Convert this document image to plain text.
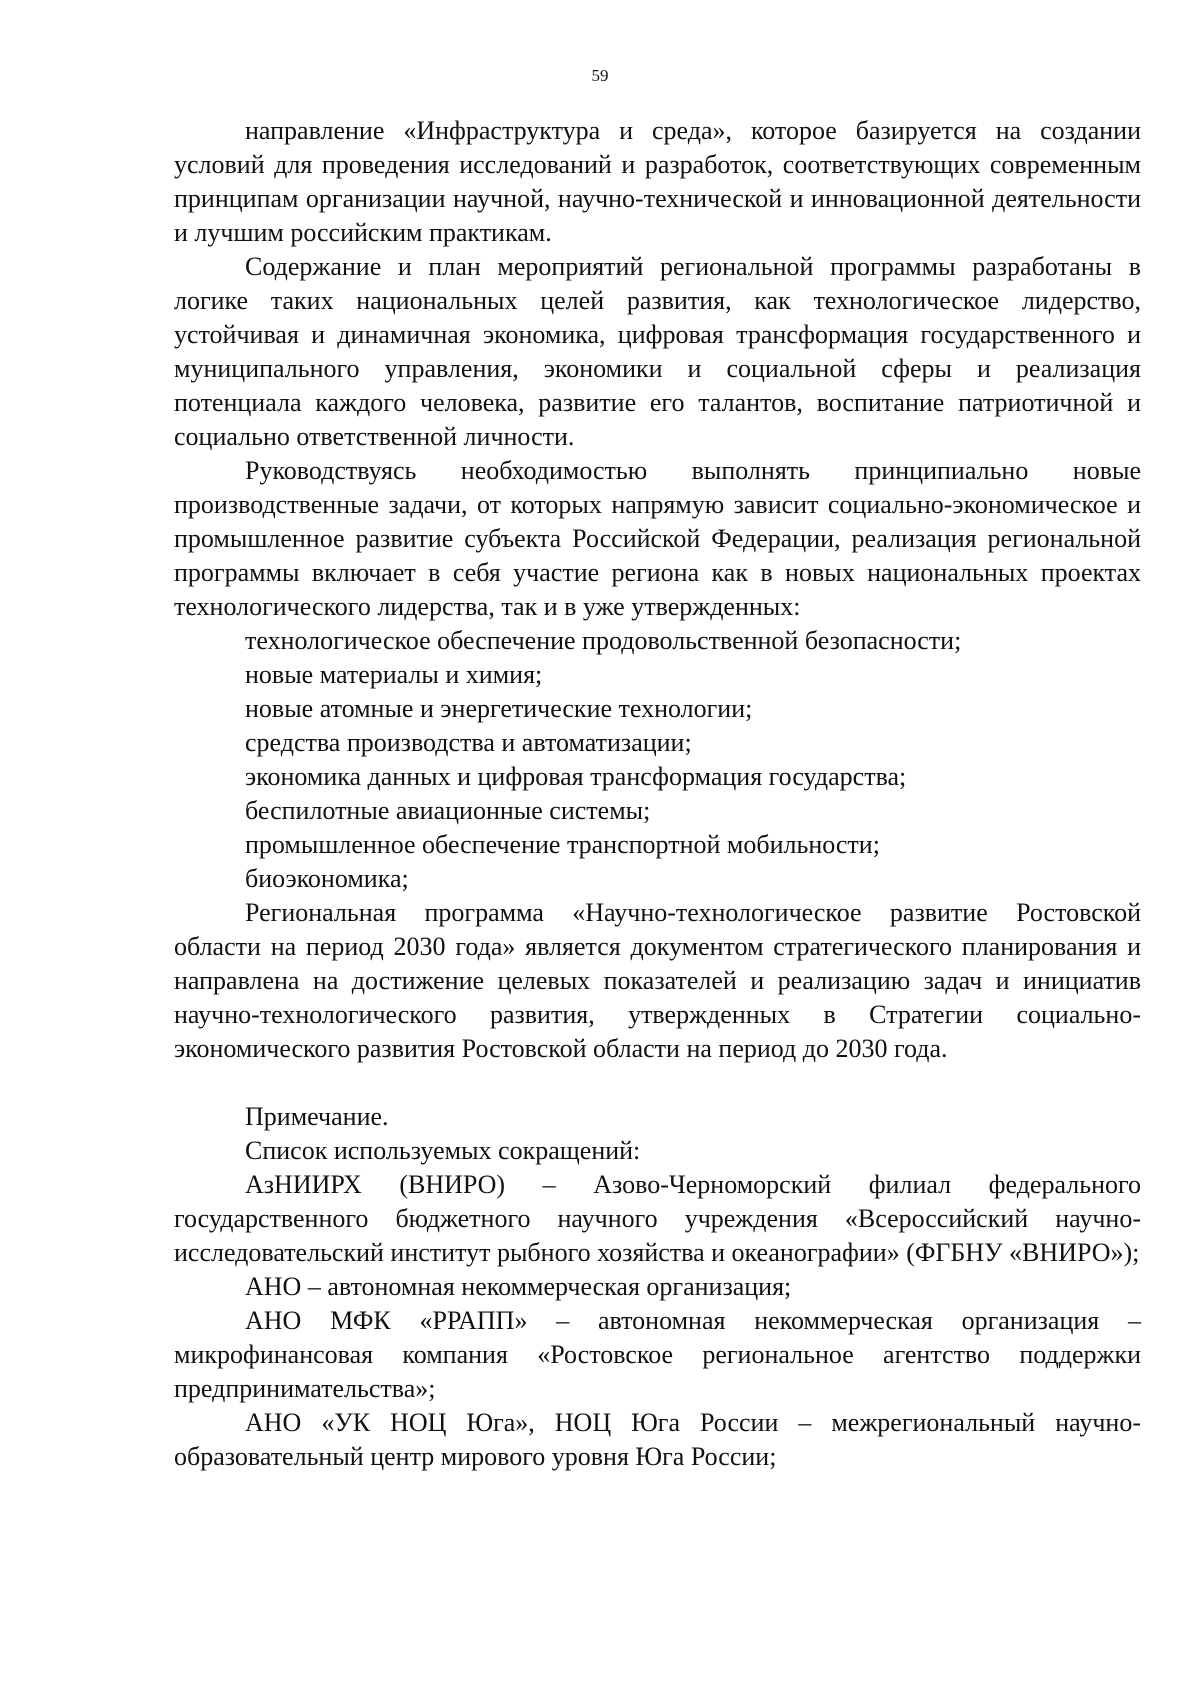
59

направление «Инфраструктура и среда», которое базируется на создании условий для проведения исследований и разработок, соответствующих современным принципам организации научной, научно-технической и инновационной деятельности и лучшим российским практикам.

Содержание и план мероприятий региональной программы разработаны в логике таких национальных целей развития, как технологическое лидерство, устойчивая и динамичная экономика, цифровая трансформация государственного и муниципального управления, экономики и социальной сферы и реализация потенциала каждого человека, развитие его талантов, воспитание патриотичной и социально ответственной личности.

Руководствуясь необходимостью выполнять принципиально новые производственные задачи, от которых напрямую зависит социально-экономическое и промышленное развитие субъекта Российской Федерации, реализация региональной программы включает в себя участие региона как в новых национальных проектах технологического лидерства, так и в уже утвержденных:

технологическое обеспечение продовольственной безопасности;

новые материалы и химия;

новые атомные и энергетические технологии;

средства производства и автоматизации;

экономика данных и цифровая трансформация государства;

беспилотные авиационные системы;

промышленное обеспечение транспортной мобильности;

биоэкономика;

Региональная программа «Научно-технологическое развитие Ростовской области на период 2030 года» является документом стратегического планирования и направлена на достижение целевых показателей и реализацию задач и инициатив научно-технологического развития, утвержденных в Стратегии социально-экономического развития Ростовской области на период до 2030 года.

Примечание.

Список используемых сокращений:

АзНИИРХ (ВНИРО) – Азово-Черноморский филиал федерального государственного бюджетного научного учреждения «Всероссийский научно-исследовательский институт рыбного хозяйства и океанографии» (ФГБНУ «ВНИРО»);

АНО – автономная некоммерческая организация;

АНО МФК «РРАПП» – автономная некоммерческая организация – микрофинансовая компания «Ростовское региональное агентство поддержки предпринимательства»;

АНО «УК НОЦ Юга», НОЦ Юга России – межрегиональный научно-образовательный центр мирового уровня Юга России;
